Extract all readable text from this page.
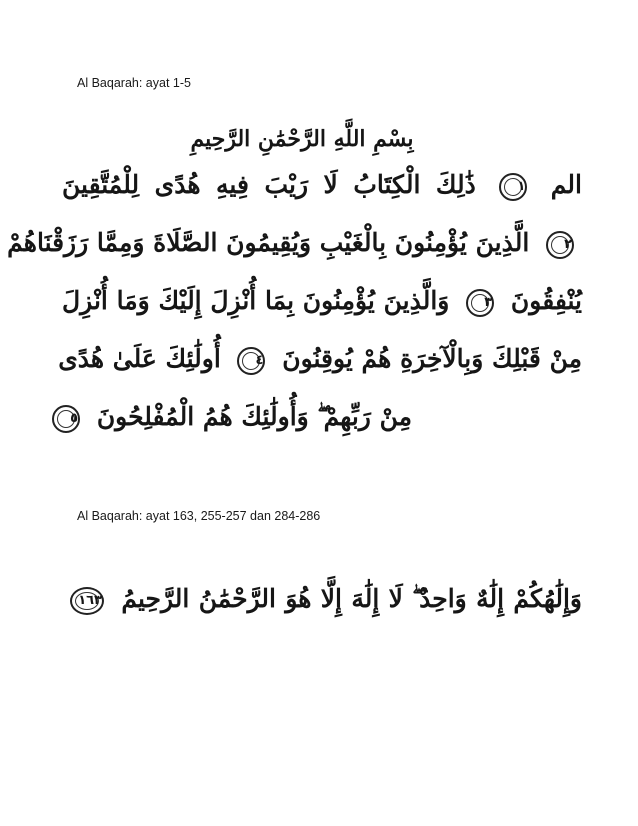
Al Baqarah: ayat 1-5
بِسْمِ اللَّهِ الرَّحْمَٰنِ الرَّحِيمِ
الم
١
ذَٰلِكَ الْكِتَابُ لَا رَيْبَ فِيهِ هُدًى لِلْمُتَّقِينَ
٢
الَّذِينَ يُؤْمِنُونَ بِالْغَيْبِ وَيُقِيمُونَ الصَّلَاةَ وَمِمَّا رَزَقْنَاهُمْ
يُنْفِقُونَ
٣
وَالَّذِينَ يُؤْمِنُونَ بِمَا أُنْزِلَ إِلَيْكَ وَمَا أُنْزِلَ
مِنْ قَبْلِكَ وَبِالْآخِرَةِ هُمْ يُوقِنُونَ
٤
أُولَٰئِكَ عَلَىٰ هُدًى
مِنْ رَبِّهِمْ ۖ وَأُولَٰئِكَ هُمُ الْمُفْلِحُونَ
٥
Al Baqarah: ayat 163, 255-257 dan 284-286
وَإِلَٰهُكُمْ إِلَٰهٌ وَاحِدٌ ۖ لَا إِلَٰهَ إِلَّا هُوَ الرَّحْمَٰنُ الرَّحِيمُ
١٦٣
